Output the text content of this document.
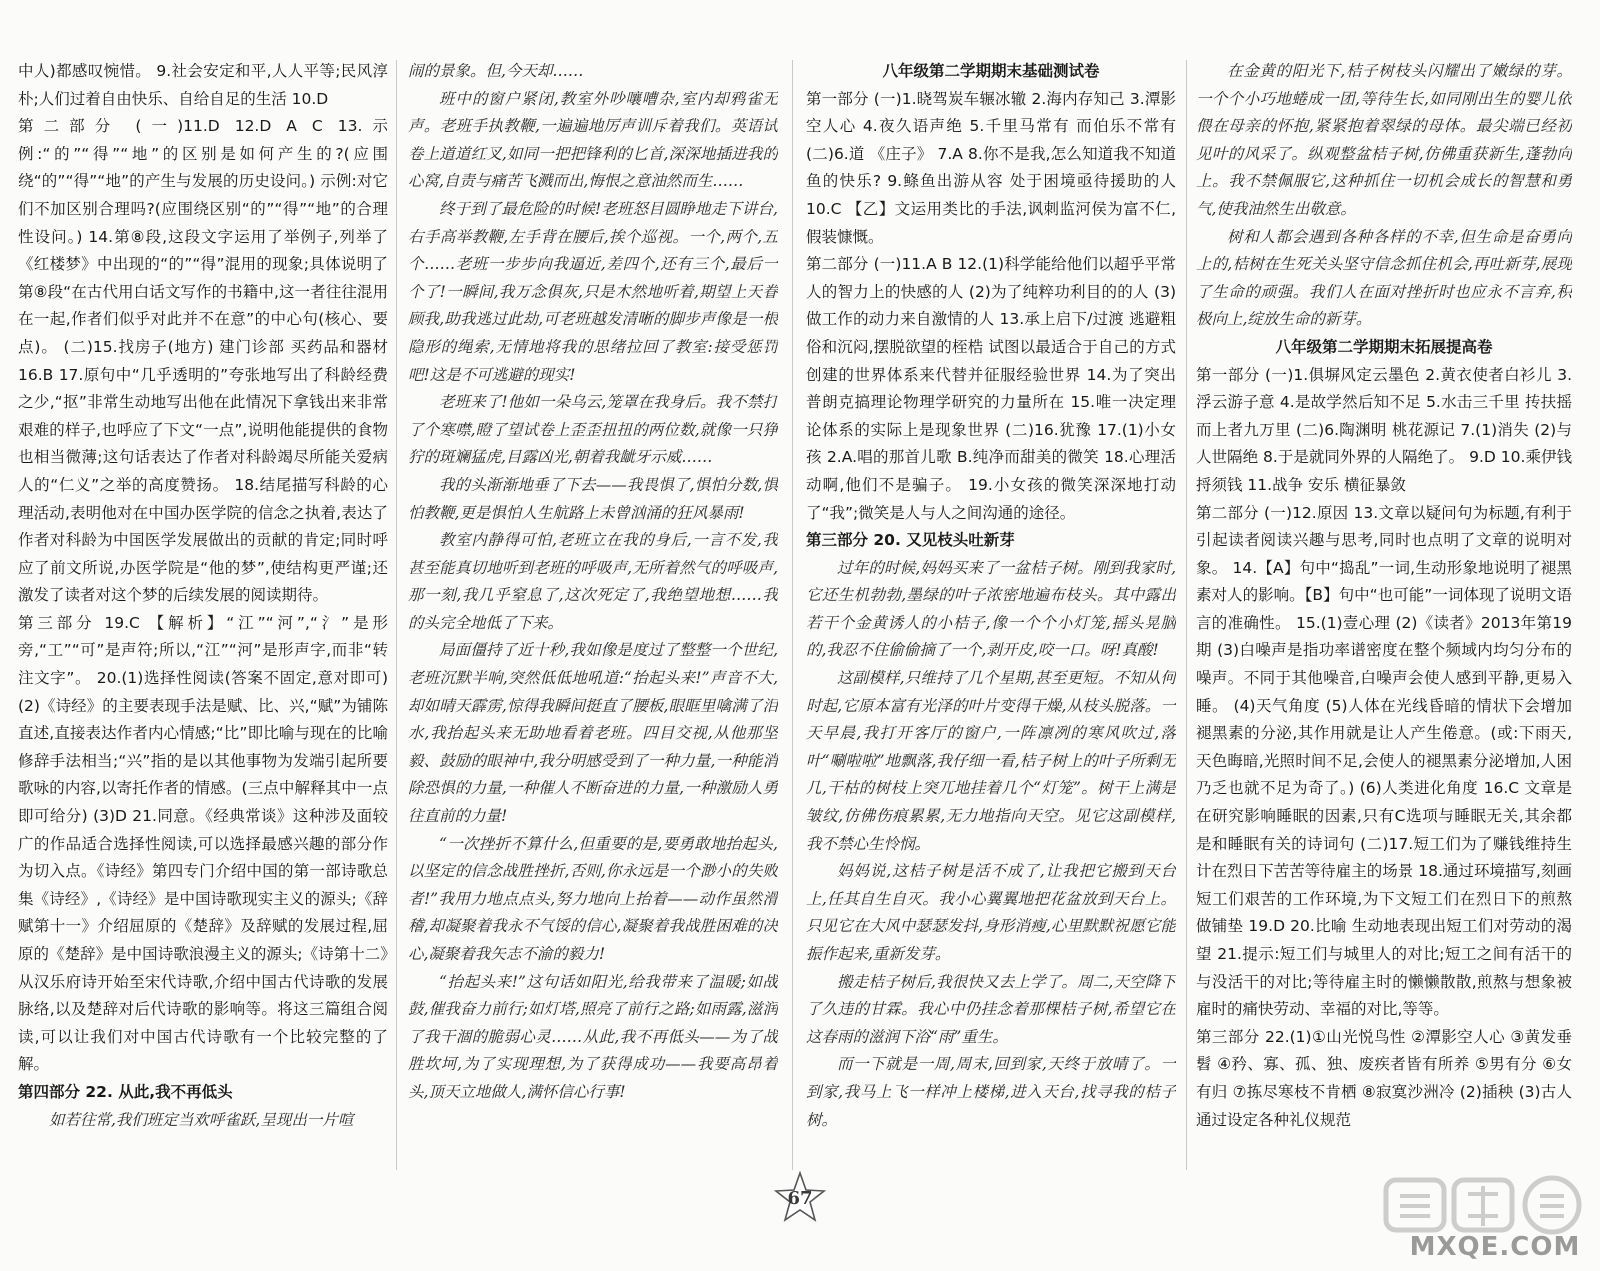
中人)都感叹惋惜。 9.社会安定和平,人人平等;民风淳朴;人们过着自由快乐、自给自足的生活 10.D

第二部分 (一)11.D 12.D A C 13.示例:“的”“得”“地”的区别是如何产生的?(应围绕“的”“得”“地”的产生与发展的历史设问。) 示例:对它们不加区别合理吗?(应围绕区别“的”“得”“地”的合理性设问。) 14.第⑧段,这段文字运用了举例子,列举了《红楼梦》中出现的“的”“得”混用的现象;具体说明了第⑧段“在古代用白话文写作的书籍中,这一者往往混用在一起,作者们似乎对此并不在意”的中心句(核心、要点)。 (二)15.找房子(地方) 建门诊部 买药品和器材 16.B 17.原句中“几乎透明的”夸张地写出了科龄经费之少,“抠”非常生动地写出他在此情况下拿钱出来非常艰难的样子,也呼应了下文“一点”,说明他能提供的食物也相当微薄;这句话表达了作者对科龄竭尽所能关爱病人的“仁义”之举的高度赞扬。 18.结尾描写科龄的心理活动,表明他对在中国办医学院的信念之执着,表达了作者对科龄为中国医学发展做出的贡献的肯定;同时呼应了前文所说,办医学院是“他的梦”,使结构更严谨;还激发了读者对这个梦的后续发展的阅读期待。

第三部分 19.C 【解析】“江”“河”,“氵”是形旁,“工”“可”是声符;所以,“江”“河”是形声字,而非“转注文字”。 20.(1)选择性阅读(答案不固定,意对即可) (2)《诗经》的主要表现手法是赋、比、兴,“赋”为铺陈直述,直接表达作者内心情感;“比”即比喻与现在的比喻修辞手法相当;“兴”指的是以其他事物为发端引起所要歌咏的内容,以寄托作者的情感。(三点中解释其中一点即可给分) (3)D 21.同意。《经典常谈》这种涉及面较广的作品适合选择性阅读,可以选择最感兴趣的部分作为切入点。《诗经》第四专门介绍中国的第一部诗歌总集《诗经》,《诗经》是中国诗歌现实主义的源头;《辞赋第十一》介绍屈原的《楚辞》及辞赋的发展过程,屈原的《楚辞》是中国诗歌浪漫主义的源头;《诗第十二》从汉乐府诗开始至宋代诗歌,介绍中国古代诗歌的发展脉络,以及楚辞对后代诗歌的影响等。将这三篇组合阅读,可以让我们对中国古代诗歌有一个比较完整的了解。

第四部分 22. 从此,我不再低头

如若往常,我们班定当欢呼雀跃,呈现出一片喧

闹的景象。但,今天却……

班中的窗户紧闭,教室外吵嚷嘈杂,室内却鸦雀无声。老班手执教鞭,一遍遍地厉声训斥着我们。英语试卷上道道红叉,如同一把把锋利的匕首,深深地插进我的心窝,自责与痛苦飞溅而出,悔恨之意油然而生……

终于到了最危险的时候!老班怒目圆睁地走下讲台,右手高举教鞭,左手背在腰后,挨个巡视。一个,两个,五个……老班一步步向我逼近,差四个,还有三个,最后一个了!一瞬间,我万念俱灰,只是木然地听着,期望上天眷顾我,助我逃过此劫,可老班越发清晰的脚步声像是一根隐形的绳索,无情地将我的思绪拉回了教室:接受惩罚吧!这是不可逃避的现实!

老班来了!他如一朵乌云,笼罩在我身后。我不禁打了个寒噤,瞪了望试卷上歪歪扭扭的两位数,就像一只狰狞的斑斓猛虎,目露凶光,朝着我龇牙示威……

我的头渐渐地垂了下去——我畏惧了,惧怕分数,惧怕教鞭,更是惧怕人生航路上未曾汹涌的狂风暴雨!

教室内静得可怕,老班立在我的身后,一言不发,我甚至能真切地听到老班的呼吸声,无所着然气的呼吸声,那一刻,我几乎窒息了,这次死定了,我绝望地想……我的头完全地低了下来。

局面僵持了近十秒,我如像是度过了整整一个世纪,老班沉默半响,突然低低地吼道:“抬起头来!”声音不大,却如晴天霹雳,惊得我瞬间挺直了腰板,眼眶里噙满了泪水,我抬起头来无助地看着老班。四目交视,从他那坚毅、鼓励的眼神中,我分明感受到了一种力量,一种能消除恐惧的力量,一种催人不断奋进的力量,一种激励人勇往直前的力量!

“一次挫折不算什么,但重要的是,要勇敢地抬起头,以坚定的信念战胜挫折,否则,你永远是一个渺小的失败者!”我用力地点点头,努力地向上抬着——动作虽然滑稽,却凝聚着我永不气馁的信心,凝聚着我战胜困难的决心,凝聚着我矢志不渝的毅力!

“抬起头来!”这句话如阳光,给我带来了温暖;如战鼓,催我奋力前行;如灯塔,照亮了前行之路;如雨露,滋润了我干涸的脆弱心灵……从此,我不再低头——为了战胜坎坷,为了实现理想,为了获得成功——我要高昂着头,顶天立地做人,满怀信心行事!

八年级第二学期期末基础测试卷

第一部分 (一)1.晓驾炭车辗冰辙 2.海内存知己 3.潭影空人心 4.夜久语声绝 5.千里马常有 而伯乐不常有 (二)6.道 《庄子》 7.A 8.你不是我,怎么知道我不知道鱼的快乐? 9.鲦鱼出游从容 处于困境亟待援助的人 10.C 【乙】文运用类比的手法,讽刺监河侯为富不仁,假装慷慨。

第二部分 (一)11.A B 12.(1)科学能给他们以超乎平常人的智力上的快感的人 (2)为了纯粹功利目的的人 (3)做工作的动力来自激情的人 13.承上启下/过渡 逃避粗俗和沉闷,摆脱欲望的桎梏 试图以最适合于自己的方式创建的世界体系来代替并征服经验世界 14.为了突出普朗克搞理论物理学研究的力量所在 15.唯一决定理论体系的实际上是现象世界 (二)16.犹豫 17.(1)小女孩 2.A.唱的那首儿歌 B.纯净而甜美的微笑 18.心理活动啊,他们不是骗子。 19.小女孩的微笑深深地打动了“我”;微笑是人与人之间沟通的途径。

第三部分 20. 又见枝头吐新芽

过年的时候,妈妈买来了一盆桔子树。刚到我家时,它还生机勃勃,墨绿的叶子浓密地遍布枝头。其中露出若干个金黄诱人的小桔子,像一个个小灯笼,摇头晃脑的,我忍不住偷偷摘了一个,剥开皮,咬一口。呀!真酸!

这副模样,只维持了几个星期,甚至更短。不知从何时起,它原本富有光泽的叶片变得干燥,从枝头脱落。一天早晨,我打开客厅的窗户,一阵凛冽的寒风吹过,落叶“唰啦啦”地飘落,我仔细一看,桔子树上的叶子所剩无几,干枯的树枝上突兀地挂着几个“灯笼”。树干上满是皱纹,仿佛伤痕累累,无力地指向天空。见它这副模样,我不禁心生怜悯。

妈妈说,这桔子树是活不成了,让我把它搬到天台上,任其自生自灭。我小心翼翼地把花盆放到天台上。只见它在大风中瑟瑟发抖,身形消瘦,心里默默祝愿它能振作起来,重新发芽。

搬走桔子树后,我很快又去上学了。周二,天空降下了久违的甘霖。我心中仍挂念着那棵桔子树,希望它在这春雨的滋润下浴“雨”重生。

而一下就是一周,周末,回到家,天终于放晴了。一到家,我马上飞一样冲上楼梯,进入天台,找寻我的桔子树。

在金黄的阳光下,桔子树枝头闪耀出了嫩绿的芽。一个个小巧地蜷成一团,等待生长,如同刚出生的婴儿依偎在母亲的怀抱,紧紧抱着翠绿的母体。最尖端已经初见叶的风采了。纵观整盆桔子树,仿佛重获新生,蓬勃向上。我不禁佩服它,这种抓住一切机会成长的智慧和勇气,使我油然生出敬意。

树和人都会遇到各种各样的不幸,但生命是奋勇向上的,桔树在生死关头坚守信念抓住机会,再吐新芽,展现了生命的顽强。我们人在面对挫折时也应永不言弃,积极向上,绽放生命的新芽。

八年级第二学期期末拓展提高卷

第一部分 (一)1.俱塀风定云墨色 2.黄衣使者白衫儿 3.浮云游子意 4.是故学然后知不足 5.水击三千里 抟扶摇而上者九万里 (二)6.陶渊明 桃花源记 7.(1)消失 (2)与人世隔绝 8.于是就同外界的人隔绝了。 9.D 10.乘伊钱 捋须钱 11.战争 安乐 横征暴敛

第二部分 (一)12.原因 13.文章以疑问句为标题,有利于引起读者阅读兴趣与思考,同时也点明了文章的说明对象。 14.【A】句中“捣乱”一词,生动形象地说明了褪黑素对人的影响。【B】句中“也可能”一词体现了说明文语言的准确性。 15.(1)壹心理 (2)《读者》2013年第19期 (3)白噪声是指功率谱密度在整个频域内均匀分布的噪声。不同于其他噪音,白噪声会使人感到平静,更易入睡。 (4)天气角度 (5)人体在光线昏暗的情状下会增加褪黑素的分泌,其作用就是让人产生倦意。(或:下雨天,天色晦暗,光照时间不足,会使人的褪黑素分泌增加,人困乃乏也就不足为奇了。) (6)人类进化角度 16.C 文章是在研究影响睡眠的因素,只有C选项与睡眠无关,其余都是和睡眠有关的诗词句 (二)17.短工们为了赚钱维持生计在烈日下苦苦等待雇主的场景 18.通过环境描写,刻画短工们艰苦的工作环境,为下文短工们在烈日下的煎熬做铺垫 19.D 20.比喻 生动地表现出短工们对劳动的渴望 21.提示:短工们与城里人的对比;短工之间有活干的与没活干的对比;等待雇主时的懒懒散散,煎熬与想象被雇时的痛快劳动、幸福的对比,等等。

第三部分 22.(1)①山光悦鸟性 ②潭影空人心 ③黄发垂髫 ④矜、寡、孤、独、废疾者皆有所养 ⑤男有分 ⑥女有归 ⑦拣尽寒枝不肯栖 ⑧寂寞沙洲冷 (2)插秧 (3)古人通过设定各种礼仪规范

67
MXQE.COM
